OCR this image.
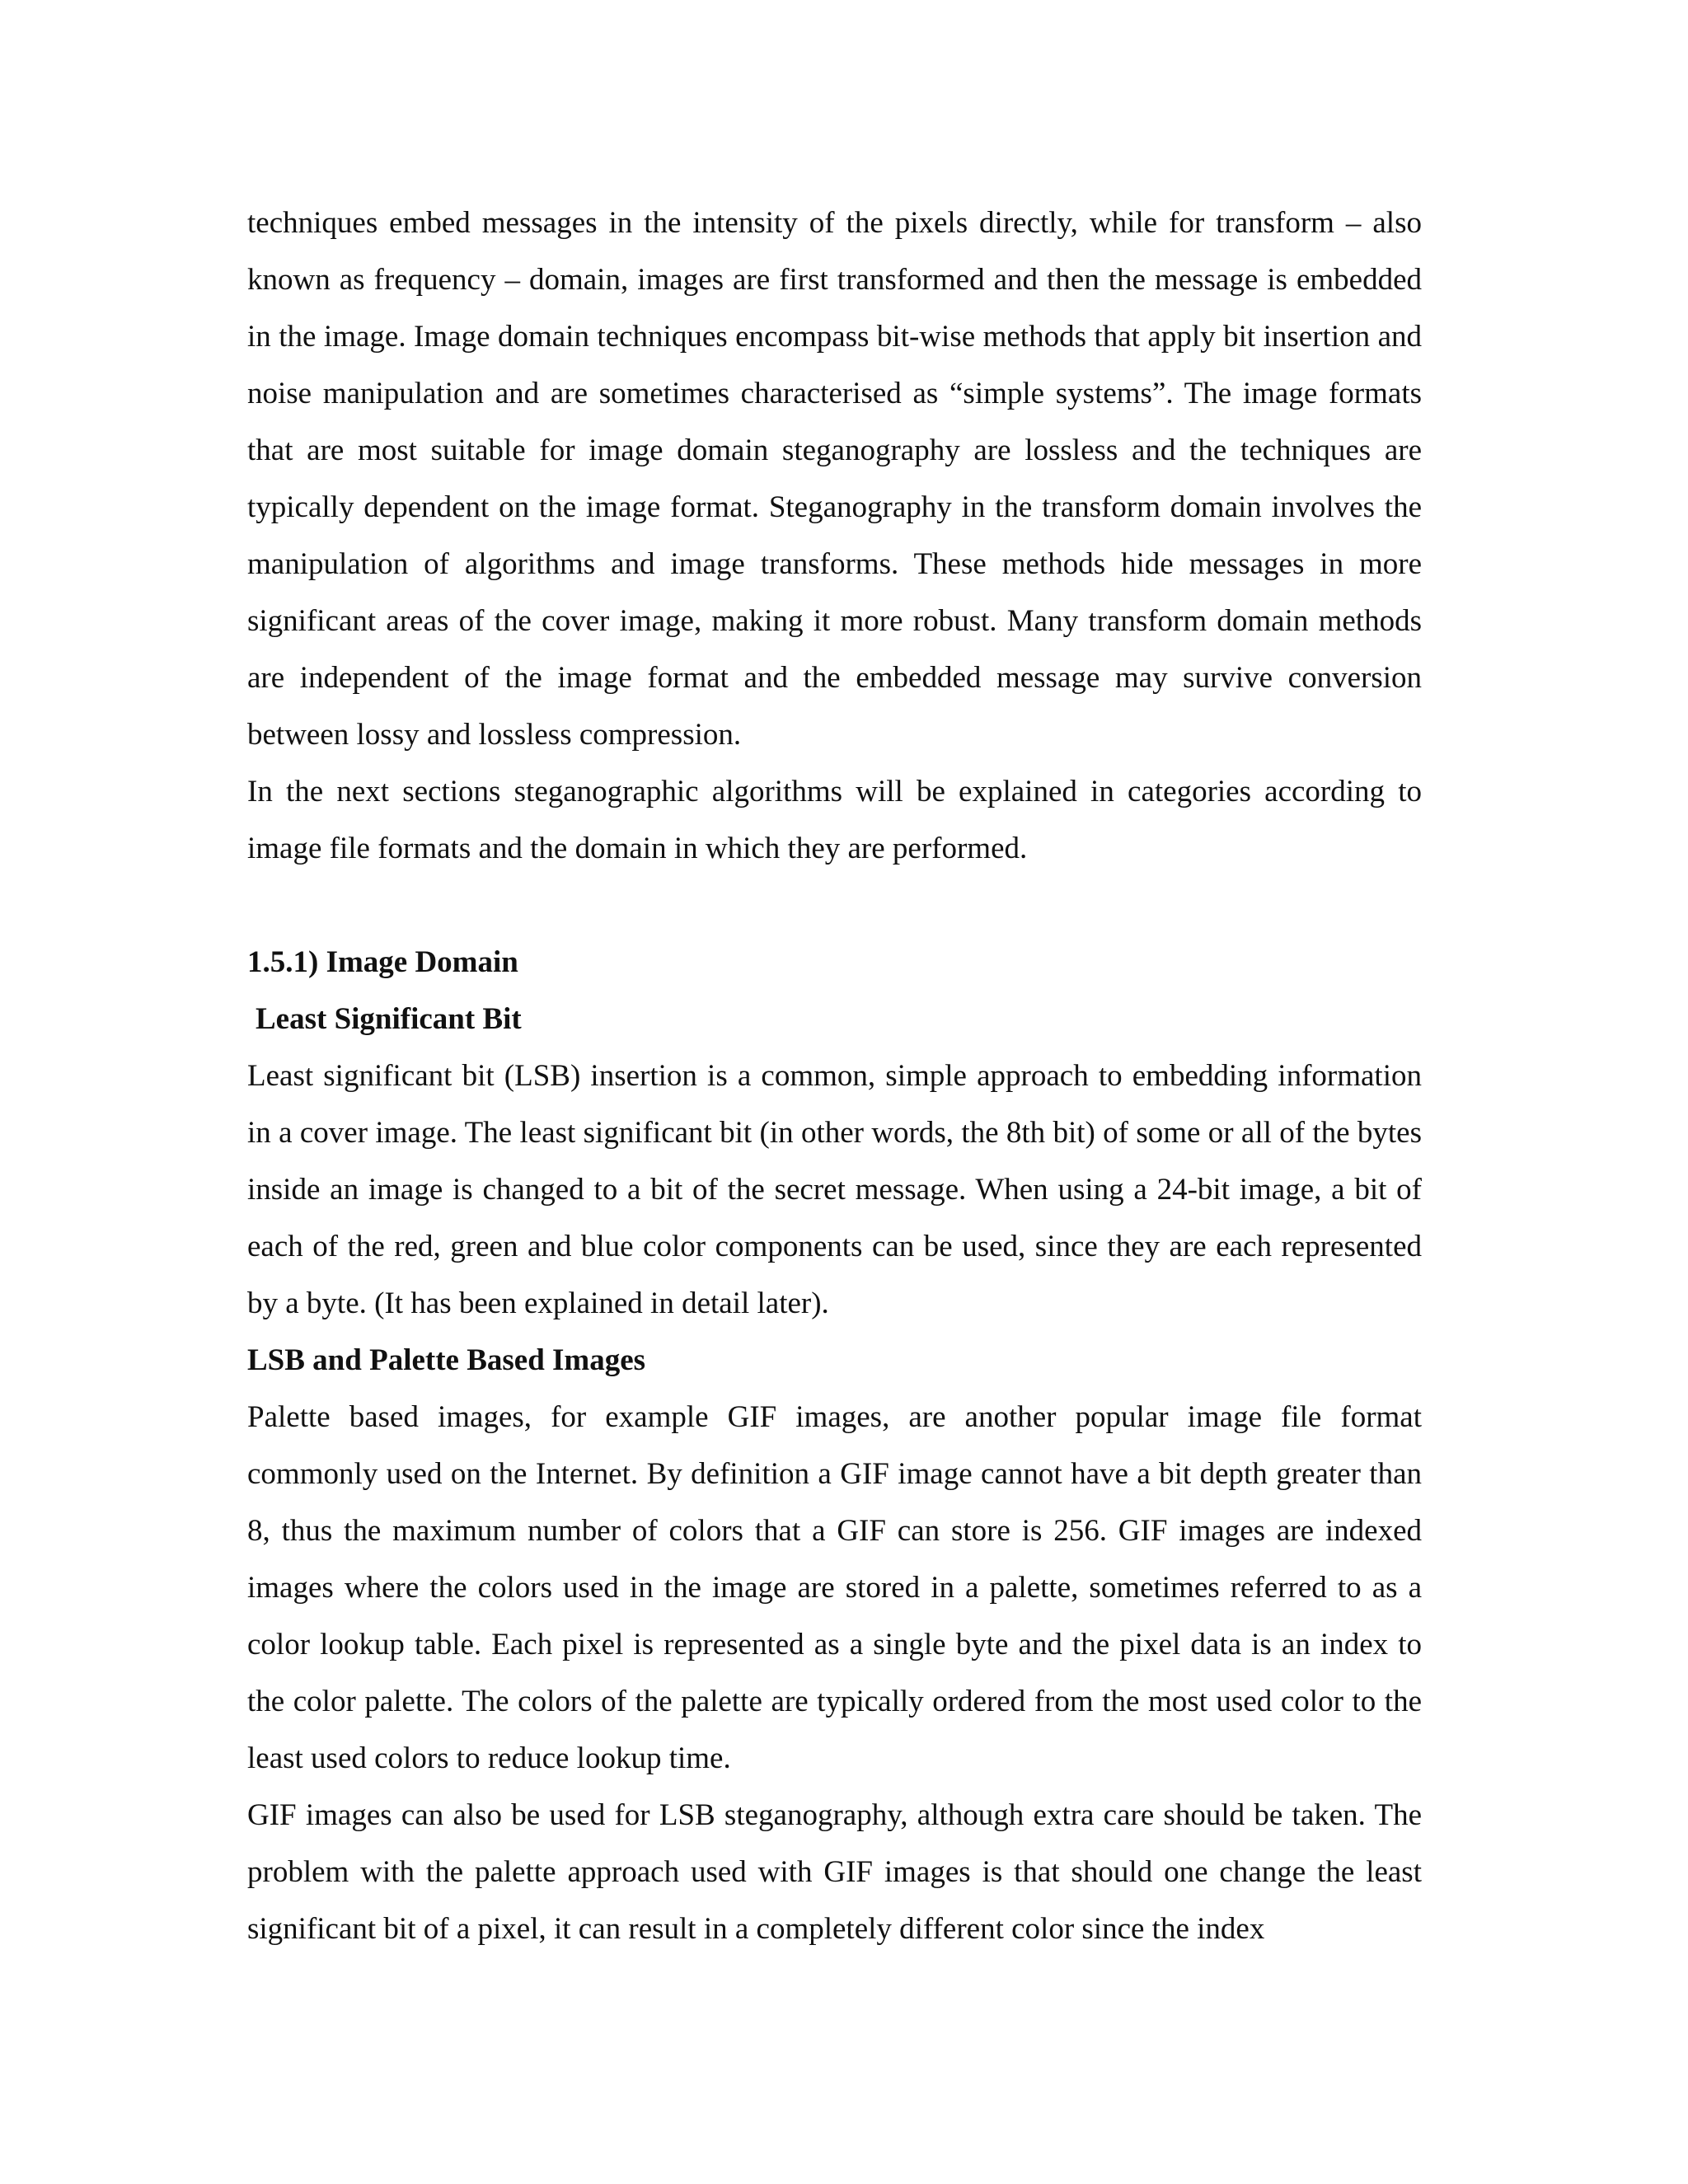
techniques embed messages in the intensity of the pixels directly, while for transform – also known as frequency – domain, images are first transformed and then the message is embedded in the image. Image domain techniques encompass bit-wise methods that apply bit insertion and noise manipulation and are sometimes characterised as “simple systems”. The image formats that are most suitable for image domain steganography are lossless and the techniques are typically dependent on the image format. Steganography in the transform domain involves the manipulation of algorithms and image transforms. These methods hide messages in more significant areas of the cover image, making it more robust. Many transform domain methods are independent of the image format and the embedded message may survive conversion between lossy and lossless compression.

In the next sections steganographic algorithms will be explained in categories according to image file formats and the domain in which they are performed.

1.5.1) Image Domain

Least Significant Bit

Least significant bit (LSB) insertion is a common, simple approach to embedding information in a cover image. The least significant bit (in other words, the 8th bit) of some or all of the bytes inside an image is changed to a bit of the secret message. When using a 24-bit image, a bit of each of the red, green and blue color components can be used, since they are each represented by a byte. (It has been explained in detail later).

LSB and Palette Based Images

Palette based images, for example GIF images, are another popular image file format commonly used on the Internet. By definition a GIF image cannot have a bit depth greater than 8, thus the maximum number of colors that a GIF can store is 256. GIF images are indexed images where the colors used in the image are stored in a palette, sometimes referred to as a color lookup table. Each pixel is represented as a single byte and the pixel data is an index to the color palette. The colors of the palette are typically ordered from the most used color to the least used colors to reduce lookup time.

GIF images can also be used for LSB steganography, although extra care should be taken. The problem with the palette approach used with GIF images is that should one change the least significant bit of a pixel, it can result in a completely different color since the index
